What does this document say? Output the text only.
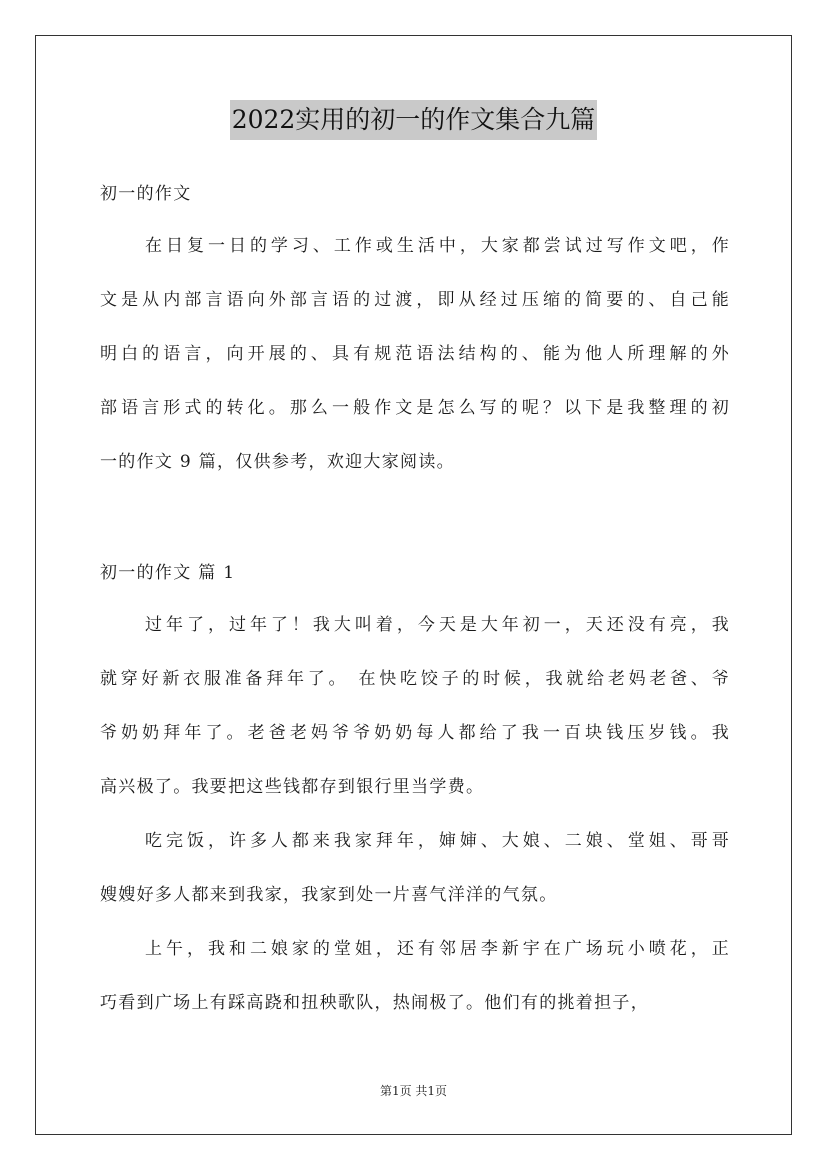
2022实用的初一的作文集合九篇
初一的作文

在日复一日的学习、工作或生活中，大家都尝试过写作文吧，作 文是从内部言语向外部言语的过渡，即从经过压缩的简要的、自己能 明白的语言，向开展的、具有规范语法结构的、能为他人所理解的外 部语言形式的转化。那么一般作文是怎么写的呢？以下是我整理的初 一的作文 9 篇，仅供参考，欢迎大家阅读。

初一的作文 篇 1

过年了，过年了！我大叫着，今天是大年初一，天还没有亮，我 就穿好新衣服准备拜年了。 在快吃饺子的时候，我就给老妈老爸、爷 爷奶奶拜年了。老爸老妈爷爷奶奶每人都给了我一百块钱压岁钱。我 高兴极了。我要把这些钱都存到银行里当学费。

吃完饭，许多人都来我家拜年，婶婶、大娘、二娘、堂姐、哥哥 嫂嫂好多人都来到我家，我家到处一片喜气洋洋的气氛。

上午，我和二娘家的堂姐，还有邻居李新宇在广场玩小喷花，正 巧看到广场上有踩高跷和扭秧歌队，热闹极了。他们有的挑着担子，

第1页 共1页
